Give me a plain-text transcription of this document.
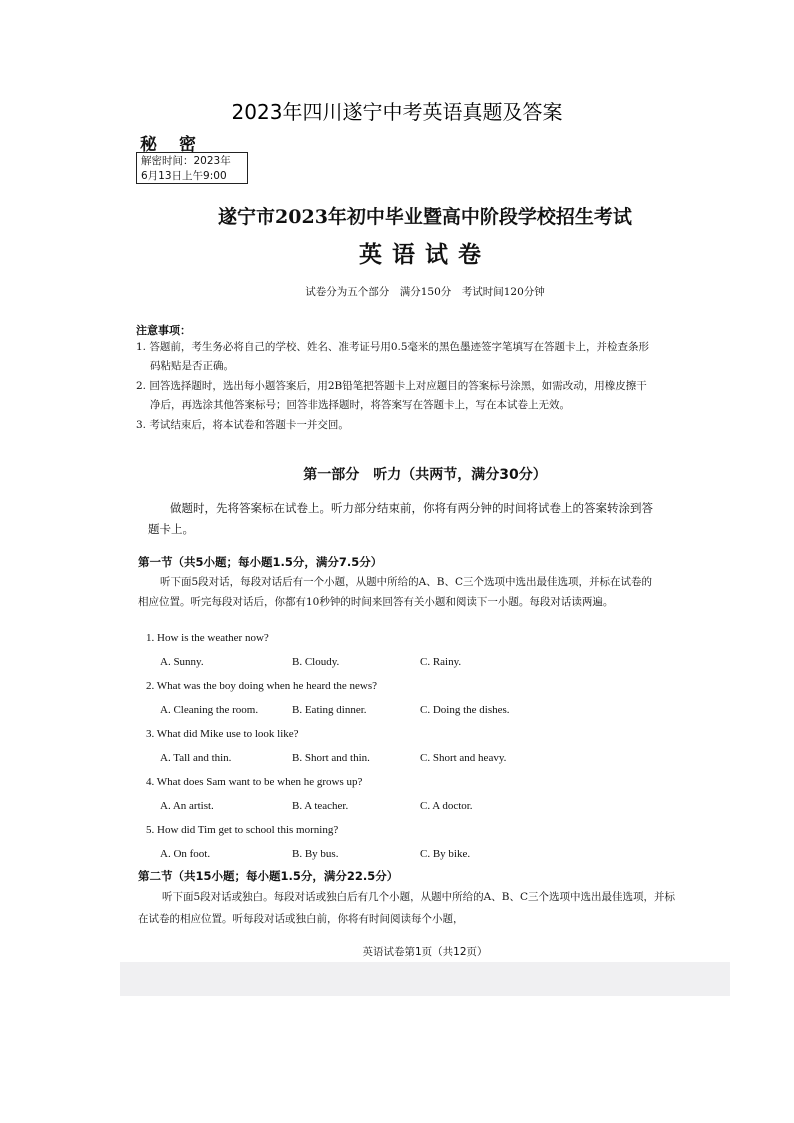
2023年四川遂宁中考英语真题及答案
秘密
解密时间：2023年
6月13日上午9:00
遂宁市2023年初中毕业暨高中阶段学校招生考试
英语试卷
试卷分为五个部分　满分150分　考试时间120分钟
注意事项：

1. 答题前，考生务必将自己的学校、姓名、准考证号用0.5毫米的黑色墨迹签字笔填写在答题卡上，并检查条形码粘贴是否正确。

2. 回答选择题时，选出每小题答案后，用2B铅笔把答题卡上对应题目的答案标号涂黑，如需改动，用橡皮擦干净后，再选涂其他答案标号；回答非选择题时，将答案写在答题卡上，写在本试卷上无效。

3. 考试结束后，将本试卷和答题卡一并交回。

第一部分　听力（共两节，满分30分）
做题时，先将答案标在试卷上。听力部分结束前，你将有两分钟的时间将试卷上的答案转涂到答题卡上。
第一节（共5小题；每小题1.5分，满分7.5分）
听下面5段对话，每段对话后有一个小题，从题中所给的A、B、C三个选项中选出最佳选项，并标在试卷的相应位置。听完每段对话后，你都有10秒钟的时间来回答有关小题和阅读下一小题。每段对话读两遍。
1. How is the weather now?
A. Sunny.	B. Cloudy.	C. Rainy.
2. What was the boy doing when he heard the news?
A. Cleaning the room.	B. Eating dinner.	C. Doing the dishes.
3. What did Mike use to look like?
A. Tall and thin.	B. Short and thin.	C. Short and heavy.
4. What does Sam want to be when he grows up?
A. An artist.	B. A teacher.	C. A doctor.
5. How did Tim get to school this morning?
A. On foot.	B. By bus.	C. By bike.
第二节（共15小题；每小题1.5分，满分22.5分）
听下面5段对话或独白。每段对话或独白后有几个小题，从题中所给的A、B、C三个选项中选出最佳选项，并标在试卷的相应位置。听每段对话或独白前，你将有时间阅读每个小题，
英语试卷第1页（共12页）
